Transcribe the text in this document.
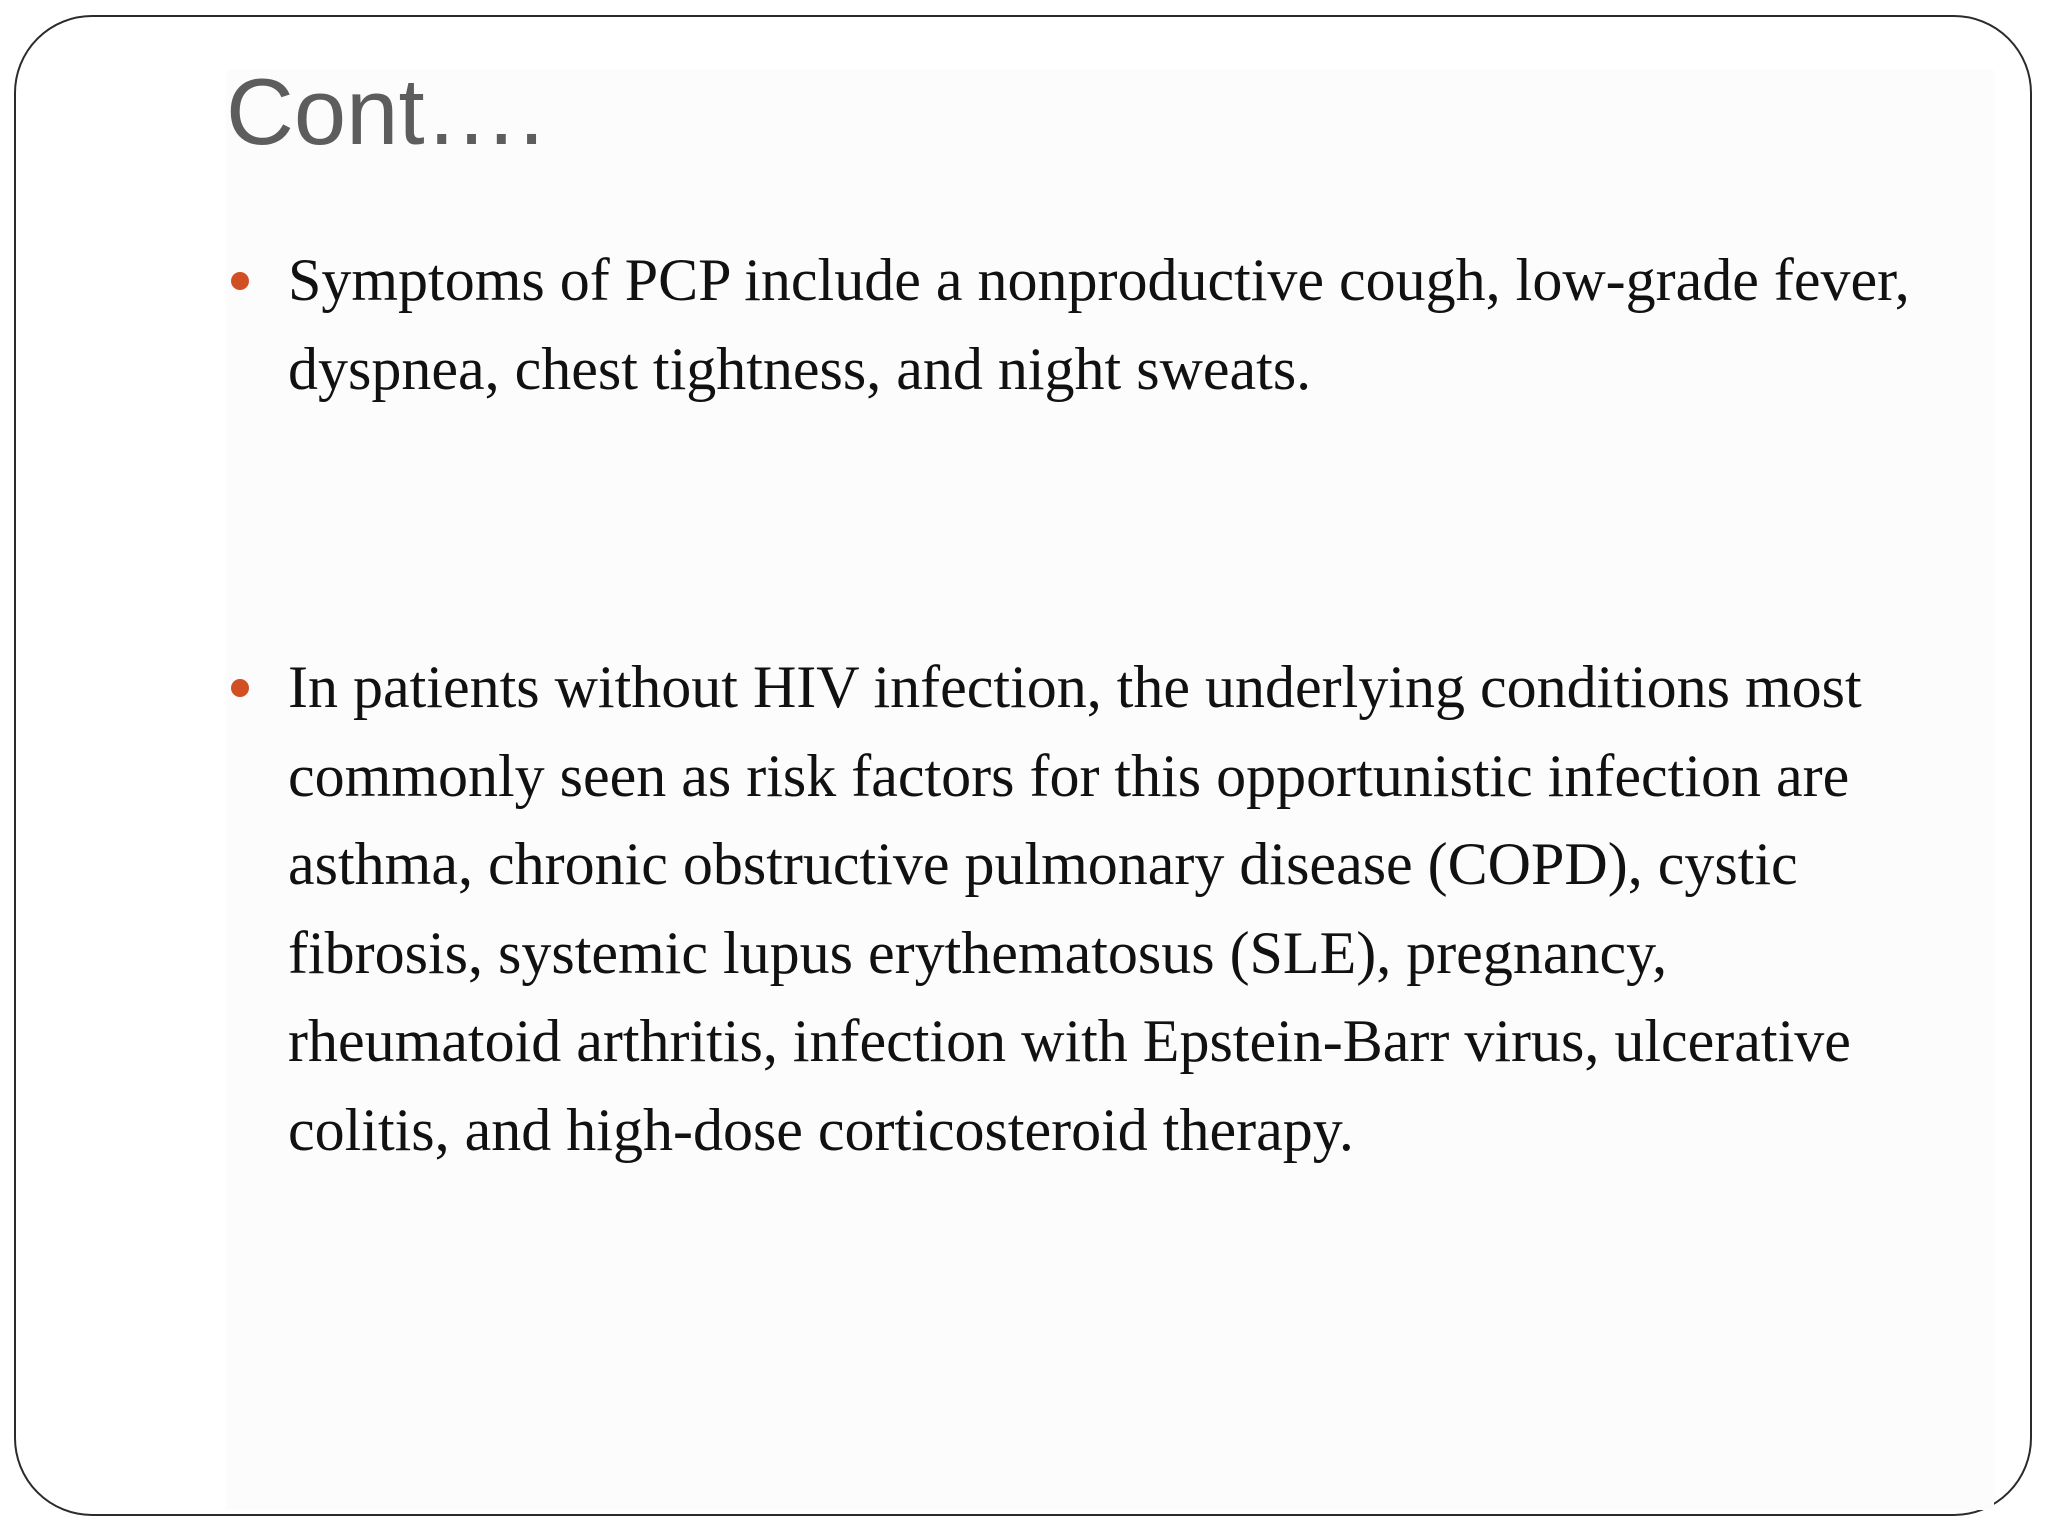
Cont….
Symptoms of PCP include a nonproductive cough, low-grade fever, dyspnea, chest tightness, and night sweats.
In patients without HIV infection, the underlying conditions most commonly seen as risk factors for this opportunistic infection are asthma, chronic obstructive pulmonary disease (COPD), cystic fibrosis, systemic lupus erythematosus (SLE), pregnancy, rheumatoid arthritis, infection with Epstein-Barr virus, ulcerative colitis, and high-dose corticosteroid therapy.
